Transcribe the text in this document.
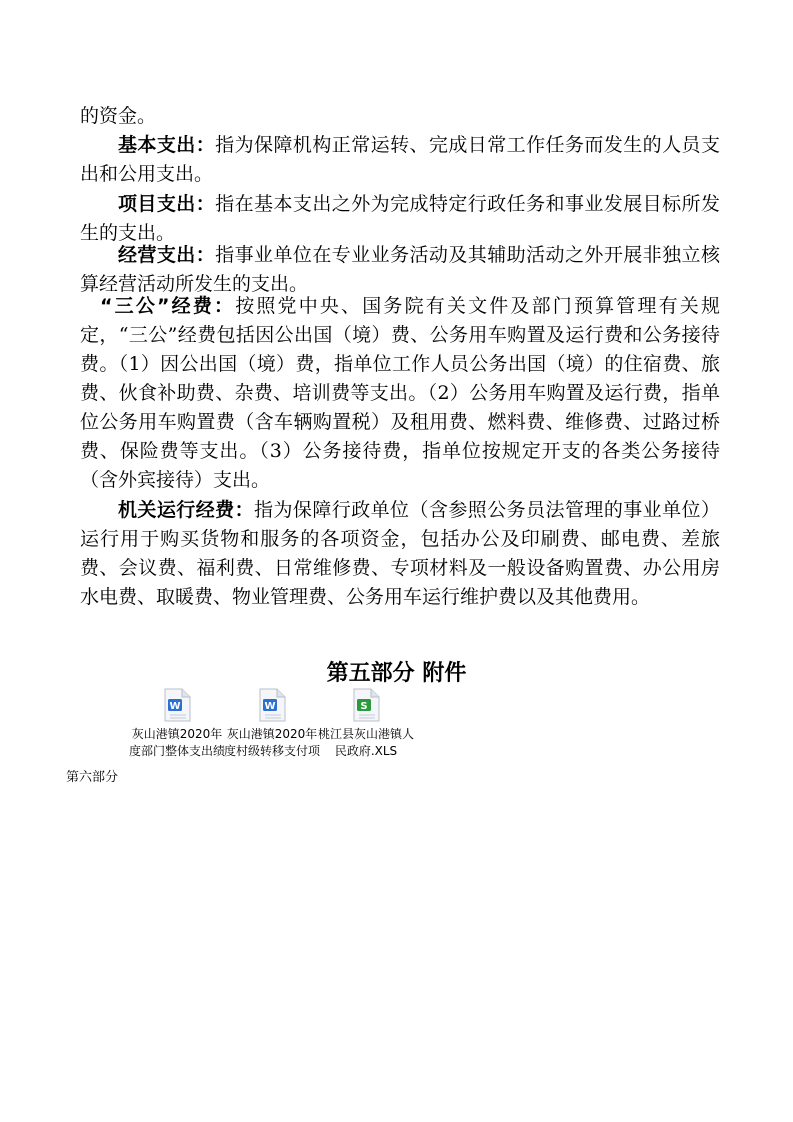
的资金。

基本支出：指为保障机构正常运转、完成日常工作任务而发生的人员支出和公用支出。

项目支出：指在基本支出之外为完成特定行政任务和事业发展目标所发生的支出。

经营支出：指事业单位在专业业务活动及其辅助活动之外开展非独立核算经营活动所发生的支出。

“三公”经费：按照党中央、国务院有关文件及部门预算管理有关规定，“三公”经费包括因公出国（境）费、公务用车购置及运行费和公务接待费。（1）因公出国（境）费，指单位工作人员公务出国（境）的住宿费、旅费、伙食补助费、杂费、培训费等支出。（2）公务用车购置及运行费，指单位公务用车购置费（含车辆购置税）及租用费、燃料费、维修费、过路过桥费、保险费等支出。（3）公务接待费，指单位按规定开支的各类公务接待（含外宾接待）支出。

机关运行经费：指为保障行政单位（含参照公务员法管理的事业单位）运行用于购买货物和服务的各项资金，包括办公及印刷费、邮电费、差旅费、会议费、福利费、日常维修费、专项材料及一般设备购置费、办公用房水电费、取暖费、物业管理费、公务用车运行维护费以及其他费用。

第五部分 附件
W
灰山港镇2020年度部门整体支出绩
W
灰山港镇2020年度村级转移支付项
S
桃江县灰山港镇人民政府.XLS
第六部分
